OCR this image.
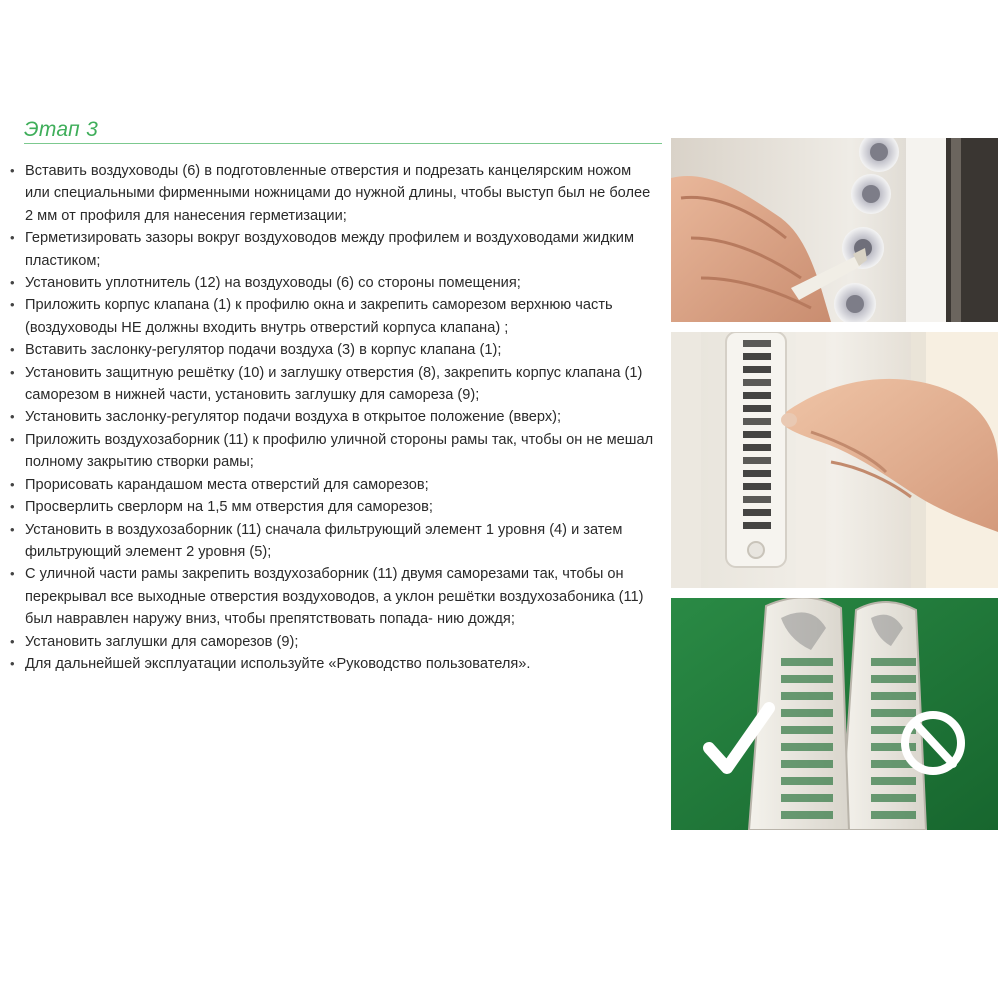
Этап 3
• Вставить воздуховоды (6) в подготовленные отверстия и подрезать канцелярским ножом или специальными фирменными ножницами до нужной длины, чтобы выступ был не более 2 мм от профиля для нанесения герметизации;
• Герметизировать зазоры вокруг воздуховодов между профилем и воздуховодами жидким пластиком;
• Установить уплотнитель (12) на воздуховоды (6) со стороны помещения;
• Приложить корпус клапана (1) к профилю окна и закрепить саморезом верхнюю часть (воздуховоды НЕ должны входить внутрь отверстий корпуса клапана) ;
• Вставить заслонку-регулятор подачи воздуха (3) в корпус клапана (1);
• Установить защитную решётку (10) и заглушку отверстия (8), закрепить корпус клапана (1) саморезом в нижней части, установить заглушку для самореза (9);
• Установить заслонку-регулятор подачи воздуха в открытое положение (вверх);
• Приложить воздухозаборник (11) к профилю уличной стороны рамы так, чтобы он не мешал полному закрытию створки рамы;
• Прорисовать карандашом места отверстий для саморезов;
• Просверлить сверлорм на 1,5 мм отверстия для саморезов;
• Установить в воздухозаборник (11) сначала фильтрующий элемент 1 уровня (4) и затем фильтрующий элемент 2 уровня (5);
• С уличной части рамы закрепить воздухозаборник (11) двумя саморезами так, чтобы он перекрывал все выходные отверстия воздуховодов, а уклон решётки воздухозабоника (11) был навравлен наружу вниз, чтобы препятствовать попада- нию дождя;
• Установить заглушки для саморезов (9);
• Для дальнейшей эксплуатации используйте «Руководство пользователя».
